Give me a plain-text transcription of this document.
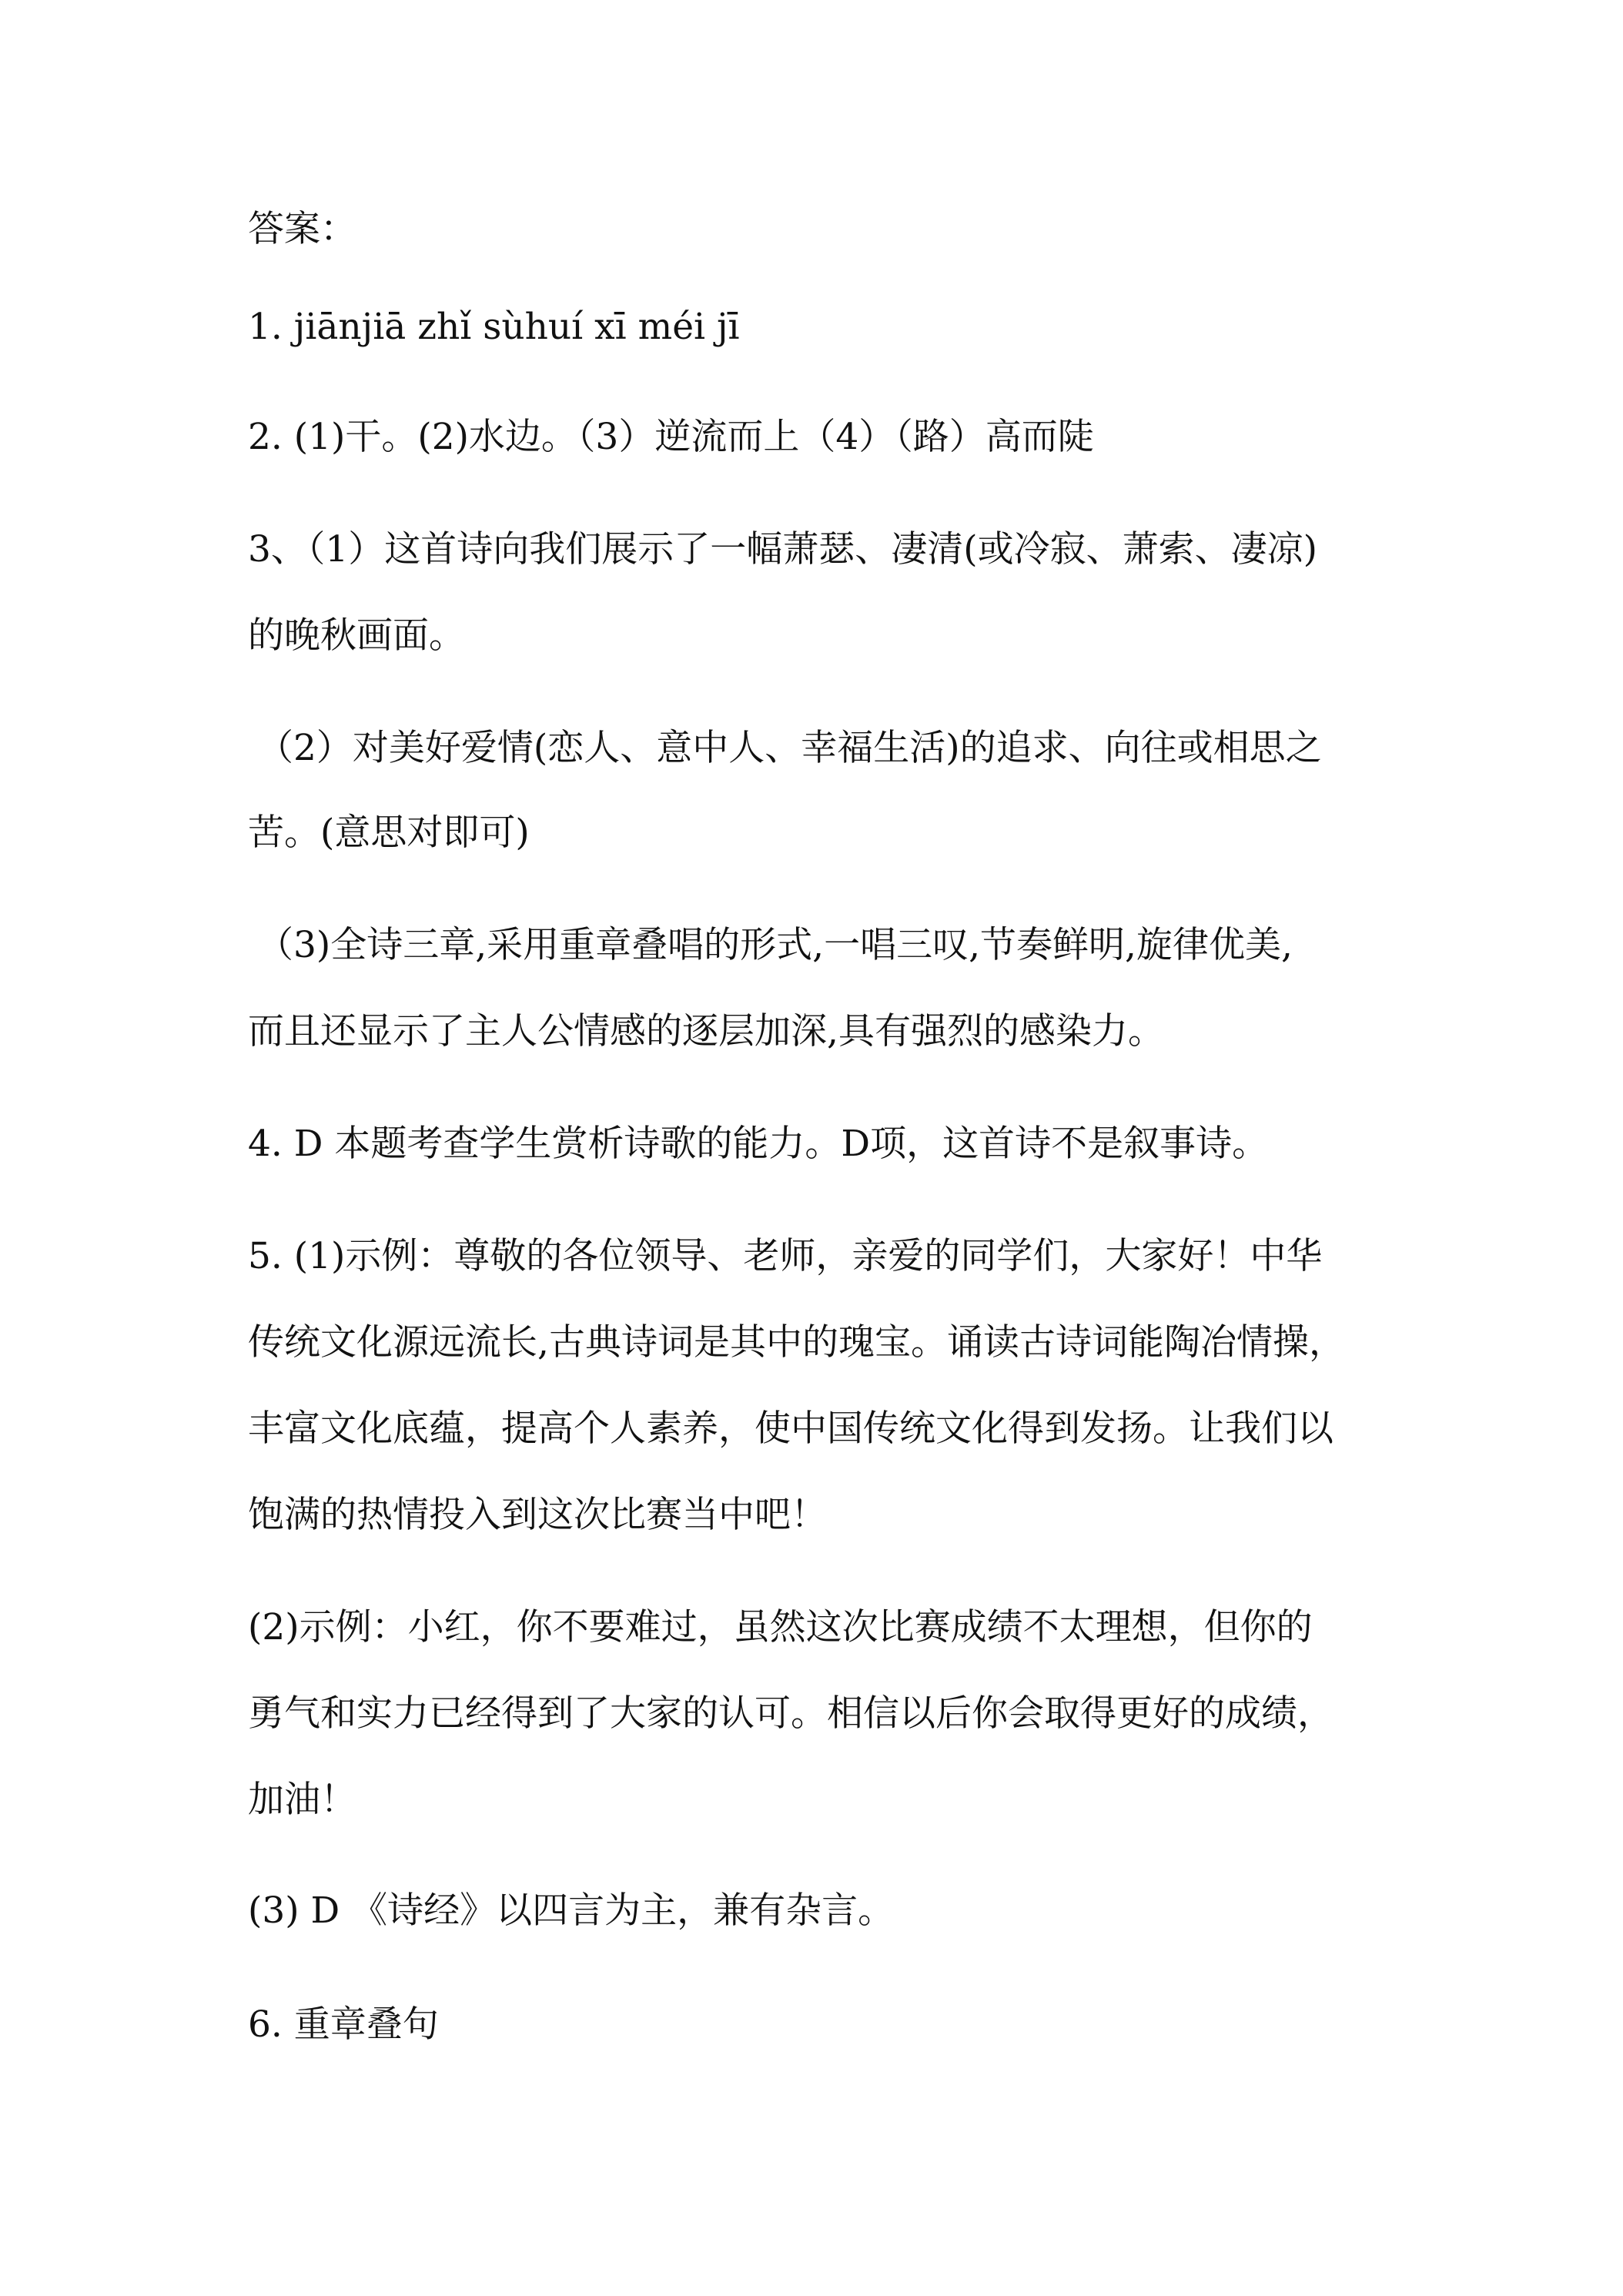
答案：

1. jiānjiā zhǐ sùhuí xī méi jī

2. (1)干。(2)水边。（3）逆流而上（4）（路）高而陡

3、（1）这首诗向我们展示了一幅萧瑟、凄清(或冷寂、萧索、凄凉)

的晚秋画面。

（2）对美好爱情(恋人、意中人、幸福生活)的追求、向往或相思之

苦。(意思对即可)

（3)全诗三章,采用重章叠唱的形式,一唱三叹,节奏鲜明,旋律优美,

而且还显示了主人公情感的逐层加深,具有强烈的感染力。

4. D 本题考查学生赏析诗歌的能力。D项，这首诗不是叙事诗。

5. (1)示例：尊敬的各位领导、老师，亲爱的同学们，大家好！中华

传统文化源远流长,古典诗词是其中的瑰宝。诵读古诗词能陶冶情操，

丰富文化底蕴，提高个人素养，使中国传统文化得到发扬。让我们以

饱满的热情投入到这次比赛当中吧！

(2)示例：小红，你不要难过，虽然这次比赛成绩不太理想，但你的

勇气和实力已经得到了大家的认可。相信以后你会取得更好的成绩，

加油！

(3) D 《诗经》以四言为主，兼有杂言。

6. 重章叠句
